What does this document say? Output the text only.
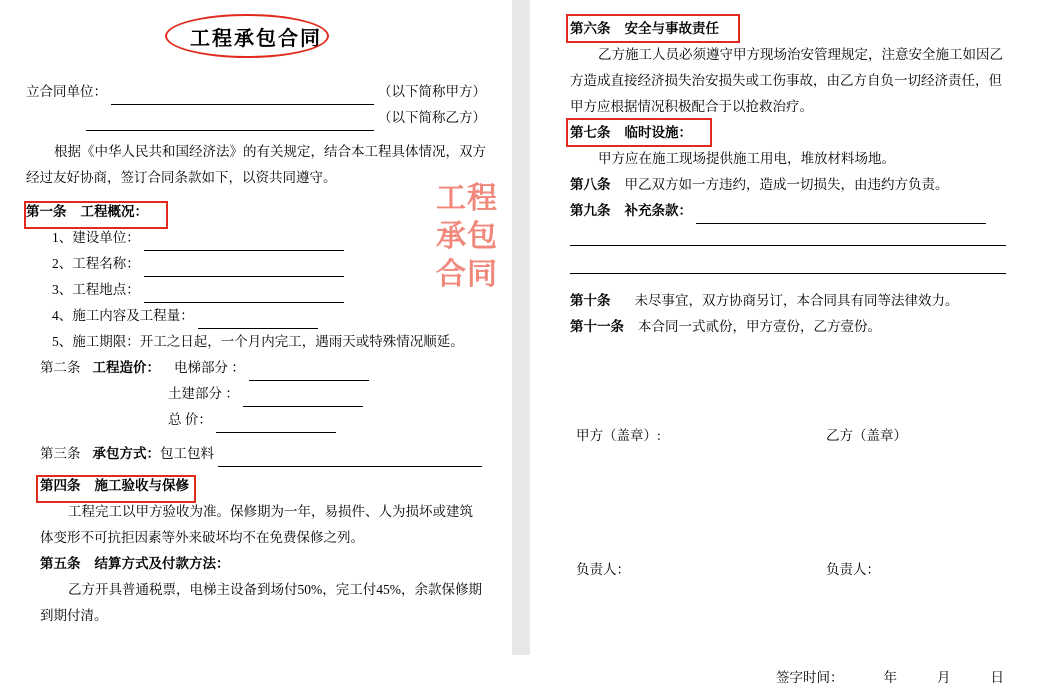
工程承包合同
立合同单位：	（以下简称甲方）
（以下简称乙方）

根据《中华人民共和国经济法》的有关规定，结合本工程具体情况，双方经过友好协商，签订合同条款如下，以资共同遵守。

第一条 工程概况：
1、 建设单位：
2、 工程名称：
3、 工程地点：
4、 施工内容及工程量：
5、 施工期限：开工之日起，一个月内完工，遇雨天或特殊情况顺延。
第二条 工程造价： 电梯部分 ：
土建部分 ：
总 价：
第三条 承包方式： 包工包料
第四条 施工验收与保修

工程完工以甲方验收为准。保修期为一年，易损件、人为损坏或建筑体变形不可抗拒因素等外来破坏均不在免费保修之列。

第五条 结算方式及付款方法：

乙方开具普通税票，电梯主设备到场付50%，完工付45%，余款保修期到期付清。

工程
承包
合同
第六条 安全与事故责任

乙方施工人员必须遵守甲方现场治安管理规定，注意安全施工如因乙方造成直接经济损失治安损失或工伤事故，由乙方自负一切经济责任，但甲方应根据情况积极配合于以抢救治疗。

第七条 临时设施：

甲方应在施工现场提供施工用电，堆放材料场地。

第八条 甲乙双方如一方违约，造成一切损失，由违约方负责。
第九条 补充条款：
第十条 未尽事宜，双方协商另订，本合同具有同等法律效力。
第十一条 本合同一式贰份，甲方壹份，乙方壹份。
甲方（盖章）:	乙方（盖章）
负责人：	负责人：
签字时间：	年	月	日
